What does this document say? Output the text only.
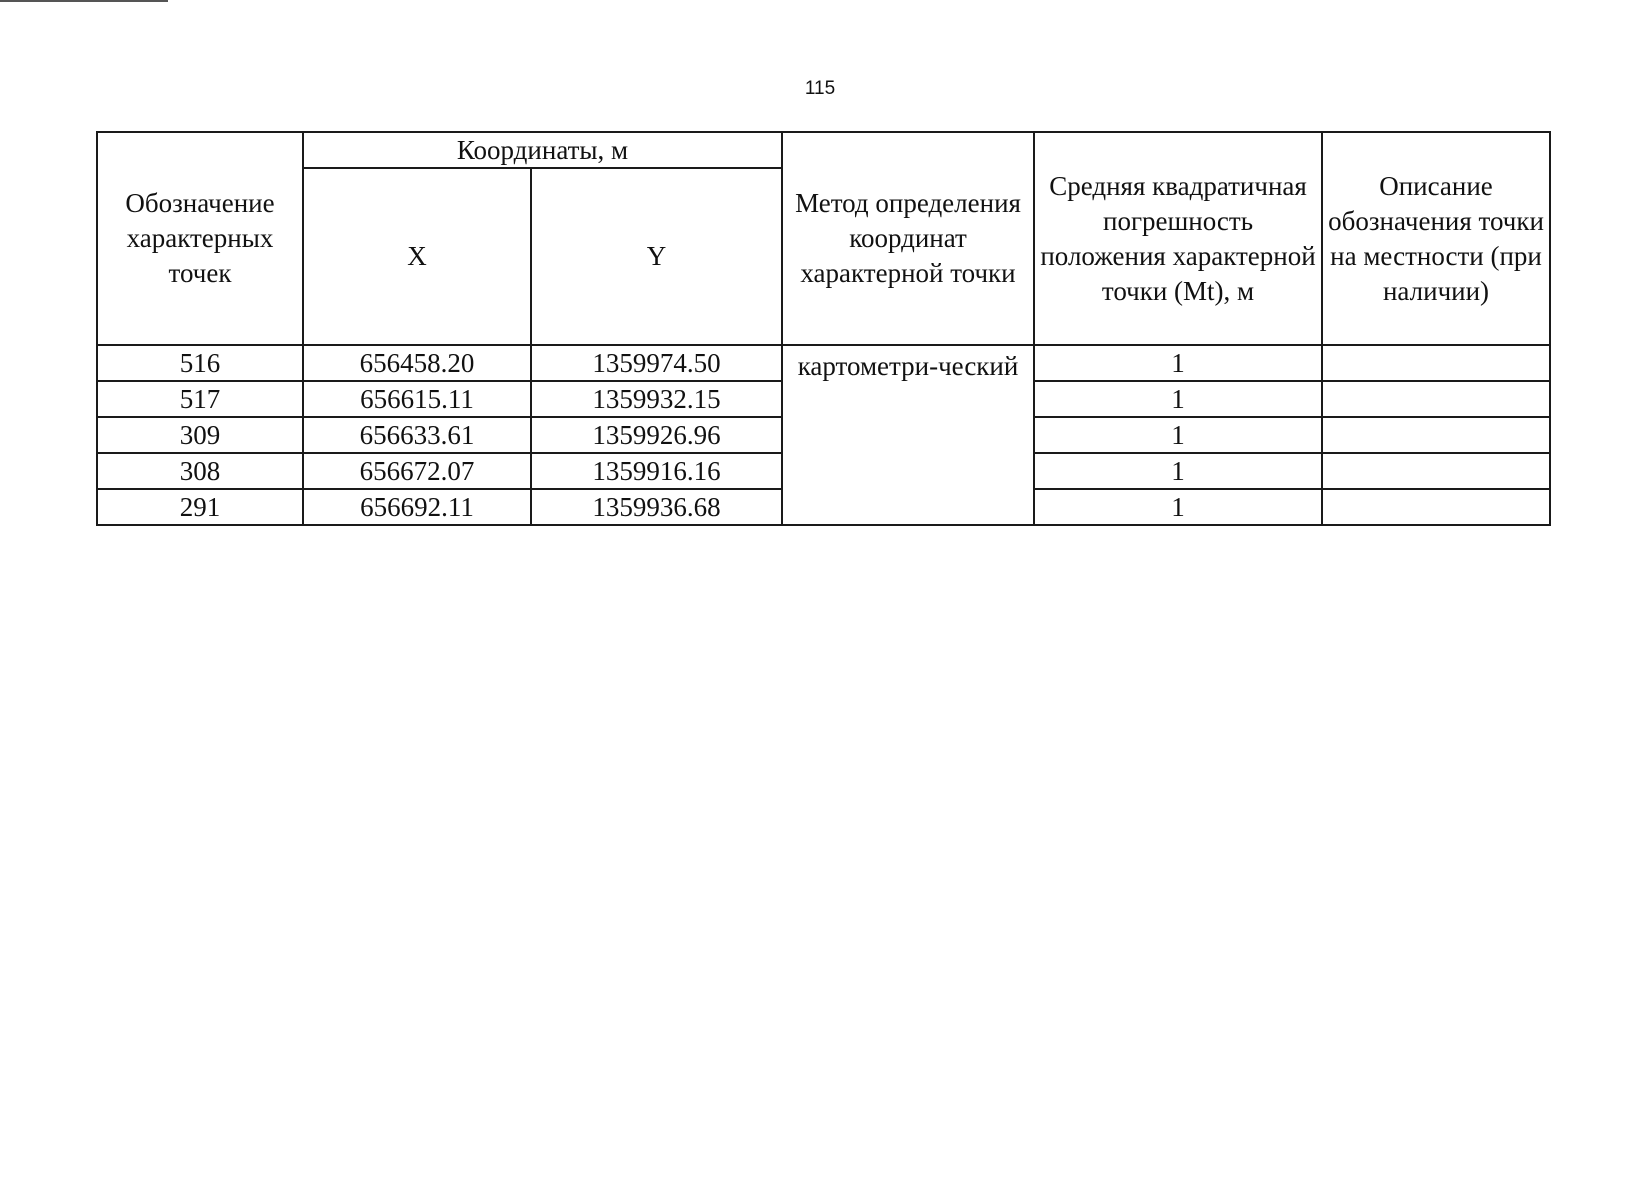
115
Обозначение характерных точек	Координаты, м		Метод определения координат характерной точки	Средняя квадратичная погрешность положения характерной точки (Mt), м	Описание обозначения точки на местности (при наличии)
	X	Y			
516	656458.20	1359974.50	картометри-ческий	1	
517	656615.11	1359932.15		1	
309	656633.61	1359926.96		1	
308	656672.07	1359916.16		1	
291	656692.11	1359936.68		1	
